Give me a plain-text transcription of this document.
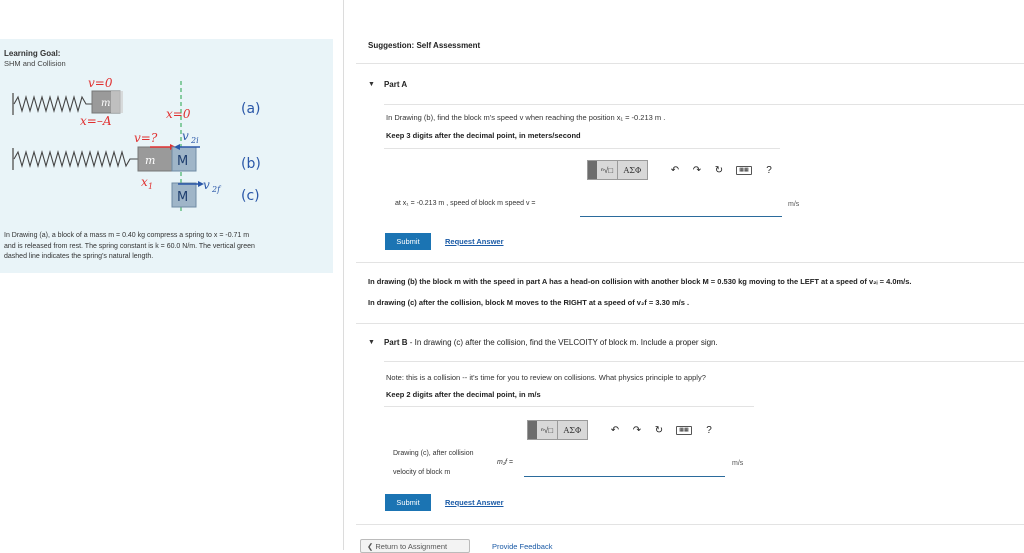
Learning Goal:
SHM and Collision
m
v=0
x=–A	x=0	(a)
m M
v=? v 2i
(b)
x 1
M
v 2f (c)
In Drawing (a), a block of a mass m = 0.40 kg compress a spring to x = -0.71 m
and is released from rest. The spring constant is k = 60.0 N/m. The vertical green
dashed line indicates the spring's natural length.
Suggestion: Self Assessment
▼ Part A
In Drawing (b), find the block m's speed v when reaching the position x₁ = -0.213 m .
Keep 3 digits after the decimal point, in meters/second
ⁿ√□	ΑΣΦ	↶	↷	↻	▦▦	?
at x₁ = -0.213 m , speed of block m speed v =	m/s
Submit	Request Answer
In drawing (b) the block m with the speed in part A has a head-on collision with another block M = 0.530 kg moving to the LEFT at a speed of v₂ᵢ = 4.0m/s.
In drawing (c) after the collision, block M moves to the RIGHT at a speed of v₂f = 3.30 m/s .
▼ Part B - In drawing (c) after the collision, find the VELCOITY of block m. Include a proper sign.
Note: this is a collision -- it's time for you to review on collisions. What physics principle to apply?
Keep 2 digits after the decimal point, in m/s
ⁿ√□	ΑΣΦ	↶	↷	↻	▦▦	?
Drawing (c), after collision
velocity of block m
m₁f =	m/s
Submit	Request Answer
❮ Return to Assignment	Provide Feedback
